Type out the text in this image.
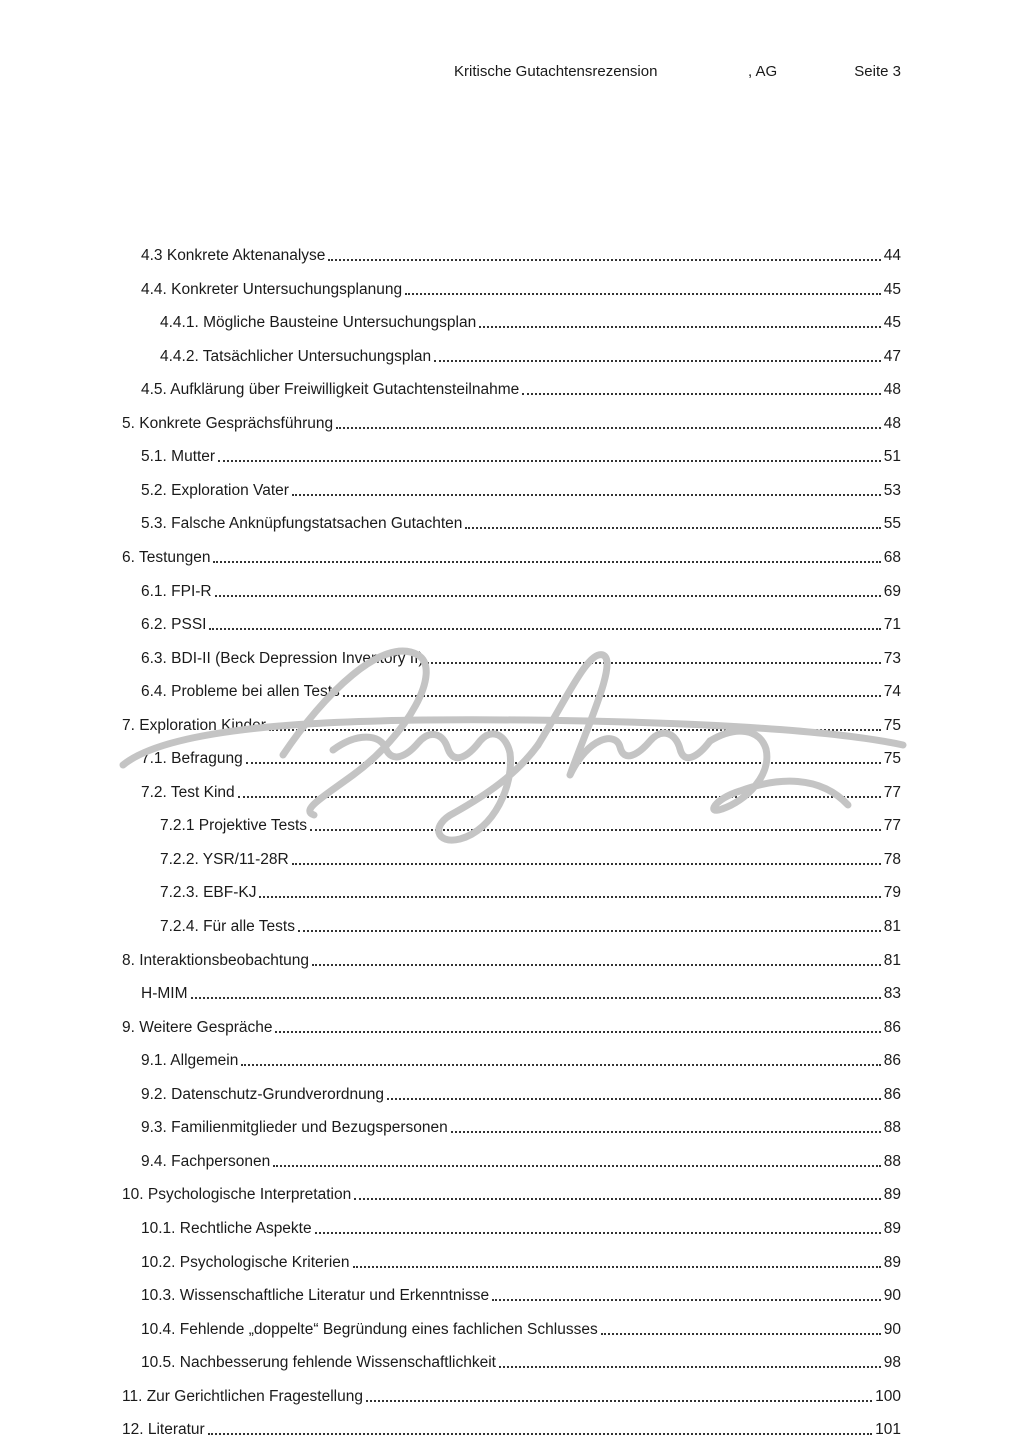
Kritische Gutachtensrezension	, AG	Seite 3
4.3 Konkrete Aktenanalyse	44
4.4. Konkreter Untersuchungsplanung	45
4.4.1. Mögliche Bausteine Untersuchungsplan	45
4.4.2. Tatsächlicher Untersuchungsplan	47
4.5. Aufklärung über Freiwilligkeit Gutachtensteilnahme	48
5. Konkrete Gesprächsführung	48
5.1. Mutter	51
5.2. Exploration Vater	53
5.3. Falsche Anknüpfungstatsachen Gutachten	55
6. Testungen	68
6.1. FPI-R	69
6.2. PSSI	71
6.3. BDI-II (Beck Depression Inventory II)	73
6.4. Probleme bei allen Tests	74
7. Exploration Kinder	75
7.1. Befragung	75
7.2. Test Kind	77
7.2.1 Projektive Tests	77
7.2.2. YSR/11-28R	78
7.2.3. EBF-KJ	79
7.2.4. Für alle Tests	81
8. Interaktionsbeobachtung	81
H-MIM	83
9. Weitere Gespräche	86
9.1. Allgemein	86
9.2. Datenschutz-Grundverordnung	86
9.3. Familienmitglieder und Bezugspersonen	88
9.4. Fachpersonen	88
10. Psychologische Interpretation	89
10.1. Rechtliche Aspekte	89
10.2. Psychologische Kriterien	89
10.3. Wissenschaftliche Literatur und Erkenntnisse	90
10.4. Fehlende „doppelte“ Begründung eines fachlichen Schlusses	90
10.5. Nachbesserung fehlende Wissenschaftlichkeit	98
11. Zur Gerichtlichen Fragestellung	100
12. Literatur	101
Langhans
